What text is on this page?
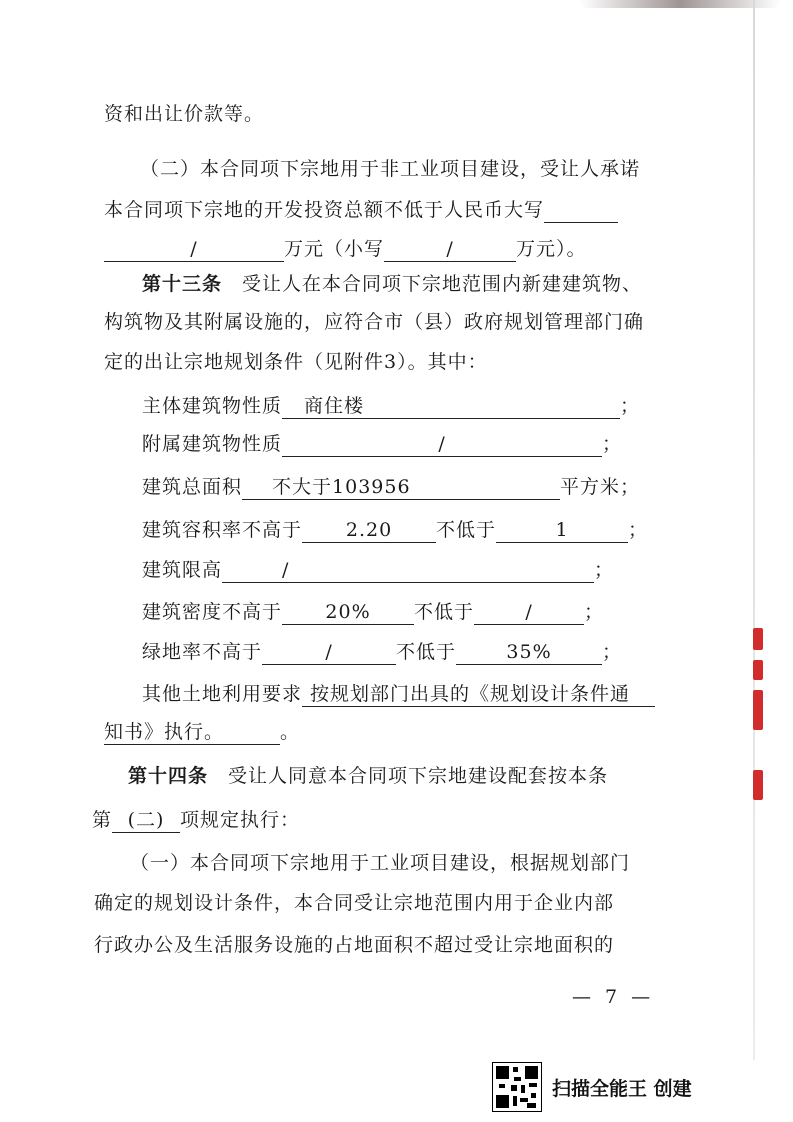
资和出让价款等。
（二）本合同项下宗地用于非工业项目建设，受让人承诺
本合同项下宗地的开发投资总额不低于人民币大写
/	万元（小写	/	万元）。
第十三条 受让人在本合同项下宗地范围内新建建筑物、
构筑物及其附属设施的，应符合市（县）政府规划管理部门确
定的出让宗地规划条件（见附件3）。其中：
主体建筑物性质 商住楼	；
附属建筑物性质	/	；
建筑总面积 不大于103956	平方米；
建筑容积率不高于 2.20 不低于	1	；
建筑限高	/	；
建筑密度不高于 20% 不低于	/	；
绿地率不高于	/	不低于	35%	；
其他土地利用要求 按规划部门出具的《规划设计条件通
知书》执行。	。
第十四条 受让人同意本合同项下宗地建设配套按本条
第 (二) 项规定执行：
（一）本合同项下宗地用于工业项目建设，根据规划部门
确定的规划设计条件，本合同受让宗地范围内用于企业内部
行政办公及生活服务设施的占地面积不超过受让宗地面积的
— 7 —
扫描全能王 创建
